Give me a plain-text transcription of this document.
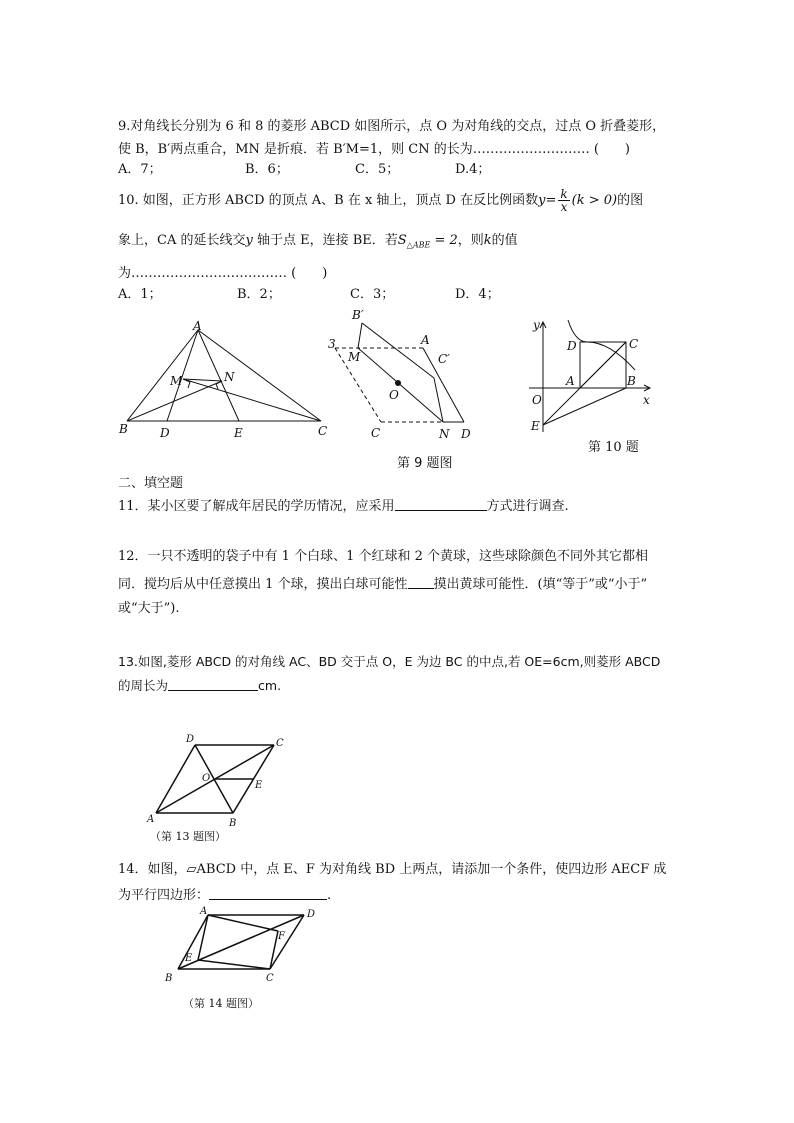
9.对角线长分别为 6 和 8 的菱形 ABCD 如图所示，点 O 为对角线的交点，过点 O 折叠菱形，
使 B，B′两点重合，MN 是折痕．若 B′M=1，则 CN 的长为……………………… (　　)
A．7；	B．6；	C．5；	D.4；
10. 如图，正方形 ABCD 的顶点 A、B 在 x 轴上，顶点 D 在反比例函数$y= \frac{k}{x} (k > 0)$的图
象上，CA 的延长线交y 轴于点 E，连接 BE．若$S_{\triangle ABE} = 2$，则k的值
为……………………………… (　　)
A．1；	B．2；	C．3；	D．4；
A
M	N
B	D	E	C
B′
3
M
A
C′
O
C	N D
y
D	C
A	B
O	x
E
第 9 题图
第 10 题
二、填空题
11．某小区要了解成年居民的学历情况，应采用	方式进行调查.
12．一只不透明的袋子中有 1 个白球、1 个红球和 2 个黄球，这些球除颜色不同外其它都相
同．搅均后从中任意摸出 1 个球，摸出白球可能性 摸出黄球可能性．(填“等于”或“小于”
或“大于”).
13.如图,菱形 ABCD 的对角线 AC、BD 交于点 O，E 为边 BC 的中点,若 OE=6cm,则菱形 ABCD
的周长为	cm.
D	C
O
E
A	B
（第 13 题图）
14．如图，▱ABCD 中，点 E、F 为对角线 BD 上两点，请添加一个条件，使四边形 AECF 成
为平行四边形：	.
A	D
F
E
B	C
（第 14 题图）
